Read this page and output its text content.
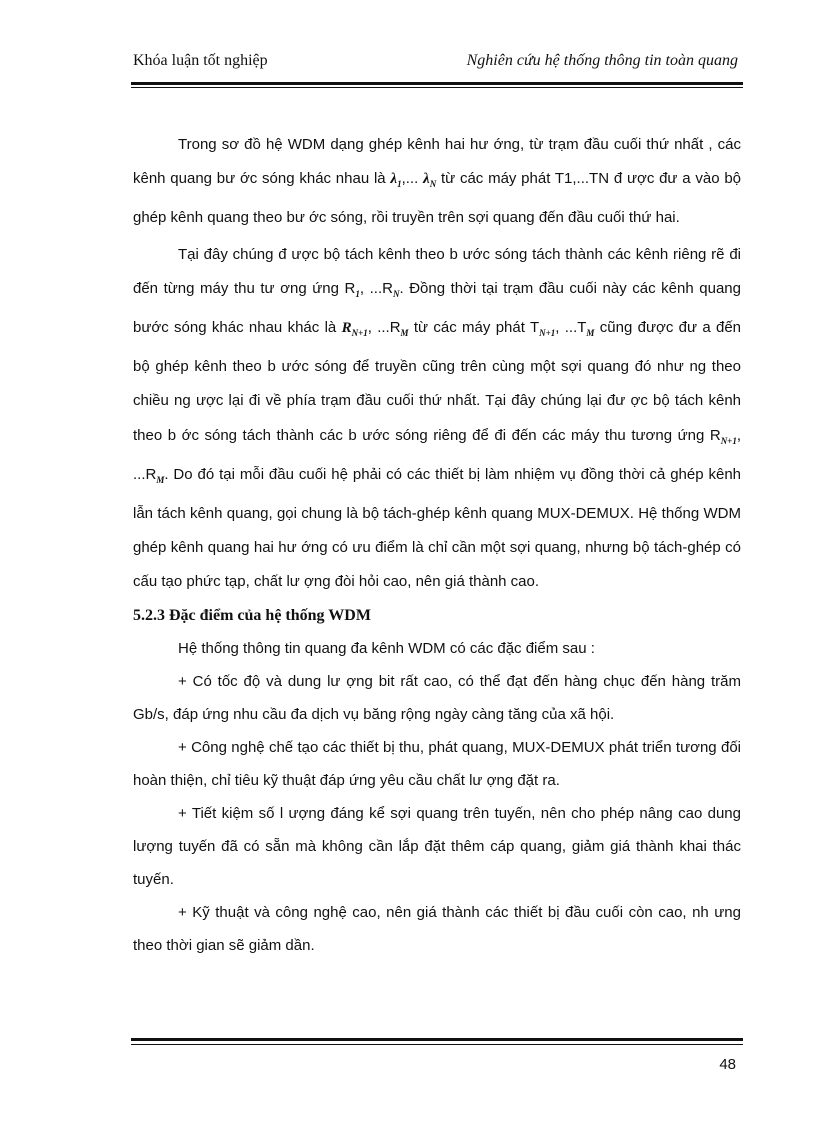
Khóa luận tốt nghiệp	Nghiên cứu hệ thống thông tin toàn quang

Trong sơ đồ hệ WDM dạng ghép kênh hai hư ớng, từ trạm đầu cuối thứ nhất , các kênh quang bư ớc sóng khác nhau là $\lambda_1$,... $\lambda_N$ từ các máy phát T1,...TN đ ược đư a vào bộ ghép kênh quang theo bư ớc sóng, rồi truyền trên sợi quang đến đầu cuối thứ hai.

Tại đây chúng đ ược bộ tách kênh theo b ước sóng tách thành các kênh riêng rẽ đi đến từng máy thu tư ơng ứng $R_1$, $...R_N$. Đồng thời tại trạm đầu cuối này các kênh quang bước sóng khác nhau khác là $R_{N+1}$, $...R_M$ từ các máy phát $T_{N+1}$, $...T_M$ cũng được đư a đến bộ ghép kênh theo b ước sóng để truyền cũng trên cùng một sợi quang đó như ng theo chiều ng ược lại đi về phía trạm đầu cuối thứ nhất. Tại đây chúng lại đư ợc bộ tách kênh theo b ớc sóng tách thành các b ước sóng riêng để đi đến các máy thu tương ứng $R_{N+1}$, $...R_M$. Do đó tại mỗi đầu cuối hệ phải có các thiết bị làm nhiệm vụ đồng thời cả ghép kênh lẫn tách kênh quang, gọi chung là bộ tách-ghép kênh quang MUX-DEMUX. Hệ thống WDM ghép kênh quang hai hư ớng có ưu điểm là chỉ cần một sợi quang, nhưng bộ tách-ghép có cấu tạo phức tạp, chất lư ợng đòi hỏi cao, nên giá thành cao.

5.2.3 Đặc điểm của hệ thống WDM

Hệ thống thông tin quang đa kênh WDM có các đặc điểm sau :

+ Có tốc độ và dung lư ợng bit rất cao, có thể đạt đến hàng chục đến hàng trăm Gb/s, đáp ứng nhu cầu đa dịch vụ băng rộng ngày càng tăng của xã hội.

+ Công nghệ chế tạo các thiết bị thu, phát quang, MUX-DEMUX phát triển tương đối hoàn thiện, chỉ tiêu kỹ thuật đáp ứng yêu cầu chất lư ợng đặt ra.

+ Tiết kiệm số l ượng đáng kể sợi quang trên tuyến, nên cho phép nâng cao dung lượng tuyến đã có sẵn mà không cần lắp đặt thêm cáp quang, giảm giá thành khai thác tuyến.

+ Kỹ thuật và công nghệ cao, nên giá thành các thiết bị đầu cuối còn cao, nh ưng theo thời gian sẽ giảm dần.

48
